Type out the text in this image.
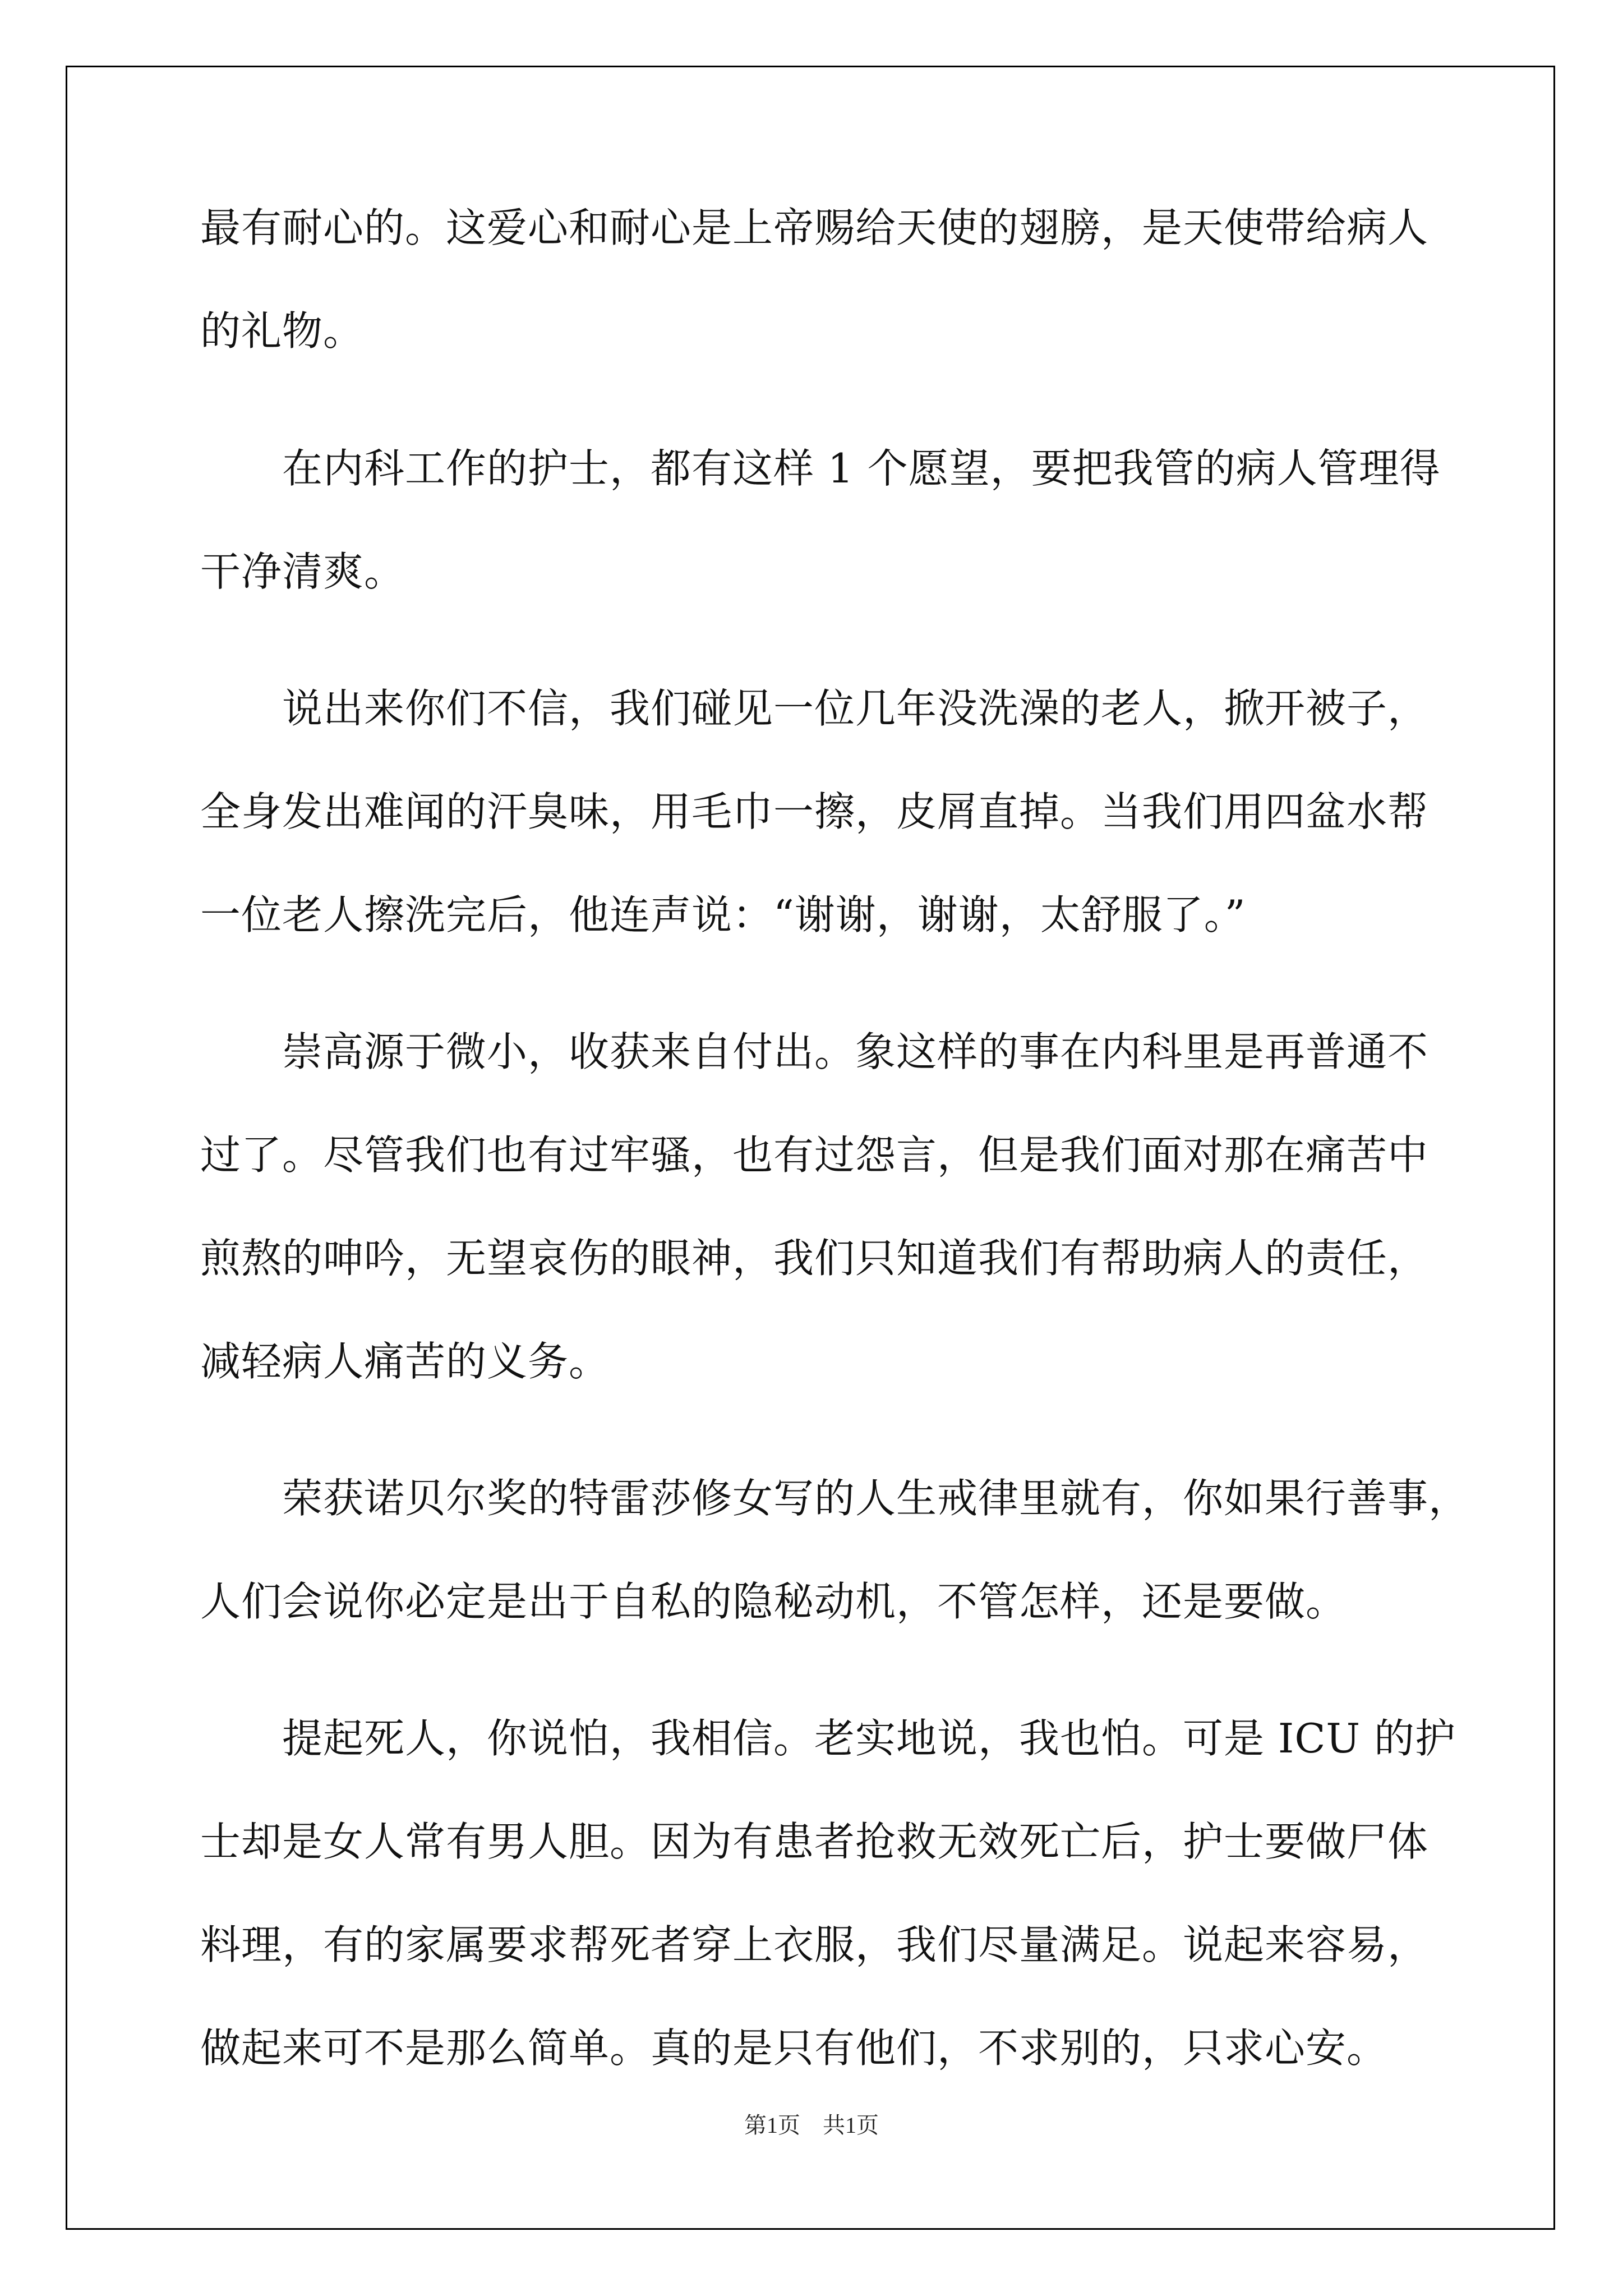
最有耐心的。这爱心和耐心是上帝赐给天使的翅膀，是天使带给病人
的礼物。
　　在内科工作的护士，都有这样 1 个愿望，要把我管的病人管理得
干净清爽。
　　说出来你们不信，我们碰见一位几年没洗澡的老人，掀开被子，
全身发出难闻的汗臭味，用毛巾一擦，皮屑直掉。当我们用四盆水帮
一位老人擦洗完后，他连声说：“谢谢，谢谢，太舒服了。”
　　崇高源于微小，收获来自付出。象这样的事在内科里是再普通不
过了。尽管我们也有过牢骚，也有过怨言，但是我们面对那在痛苦中
煎熬的呻吟，无望哀伤的眼神，我们只知道我们有帮助病人的责任，
减轻病人痛苦的义务。
　　荣获诺贝尔奖的特雷莎修女写的人生戒律里就有，你如果行善事，
人们会说你必定是出于自私的隐秘动机，不管怎样，还是要做。
　　提起死人，你说怕，我相信。老实地说，我也怕。可是 ICU 的护
士却是女人常有男人胆。因为有患者抢救无效死亡后，护士要做尸体
料理，有的家属要求帮死者穿上衣服，我们尽量满足。说起来容易，
做起来可不是那么简单。真的是只有他们，不求别的，只求心安。
第1页　共1页
